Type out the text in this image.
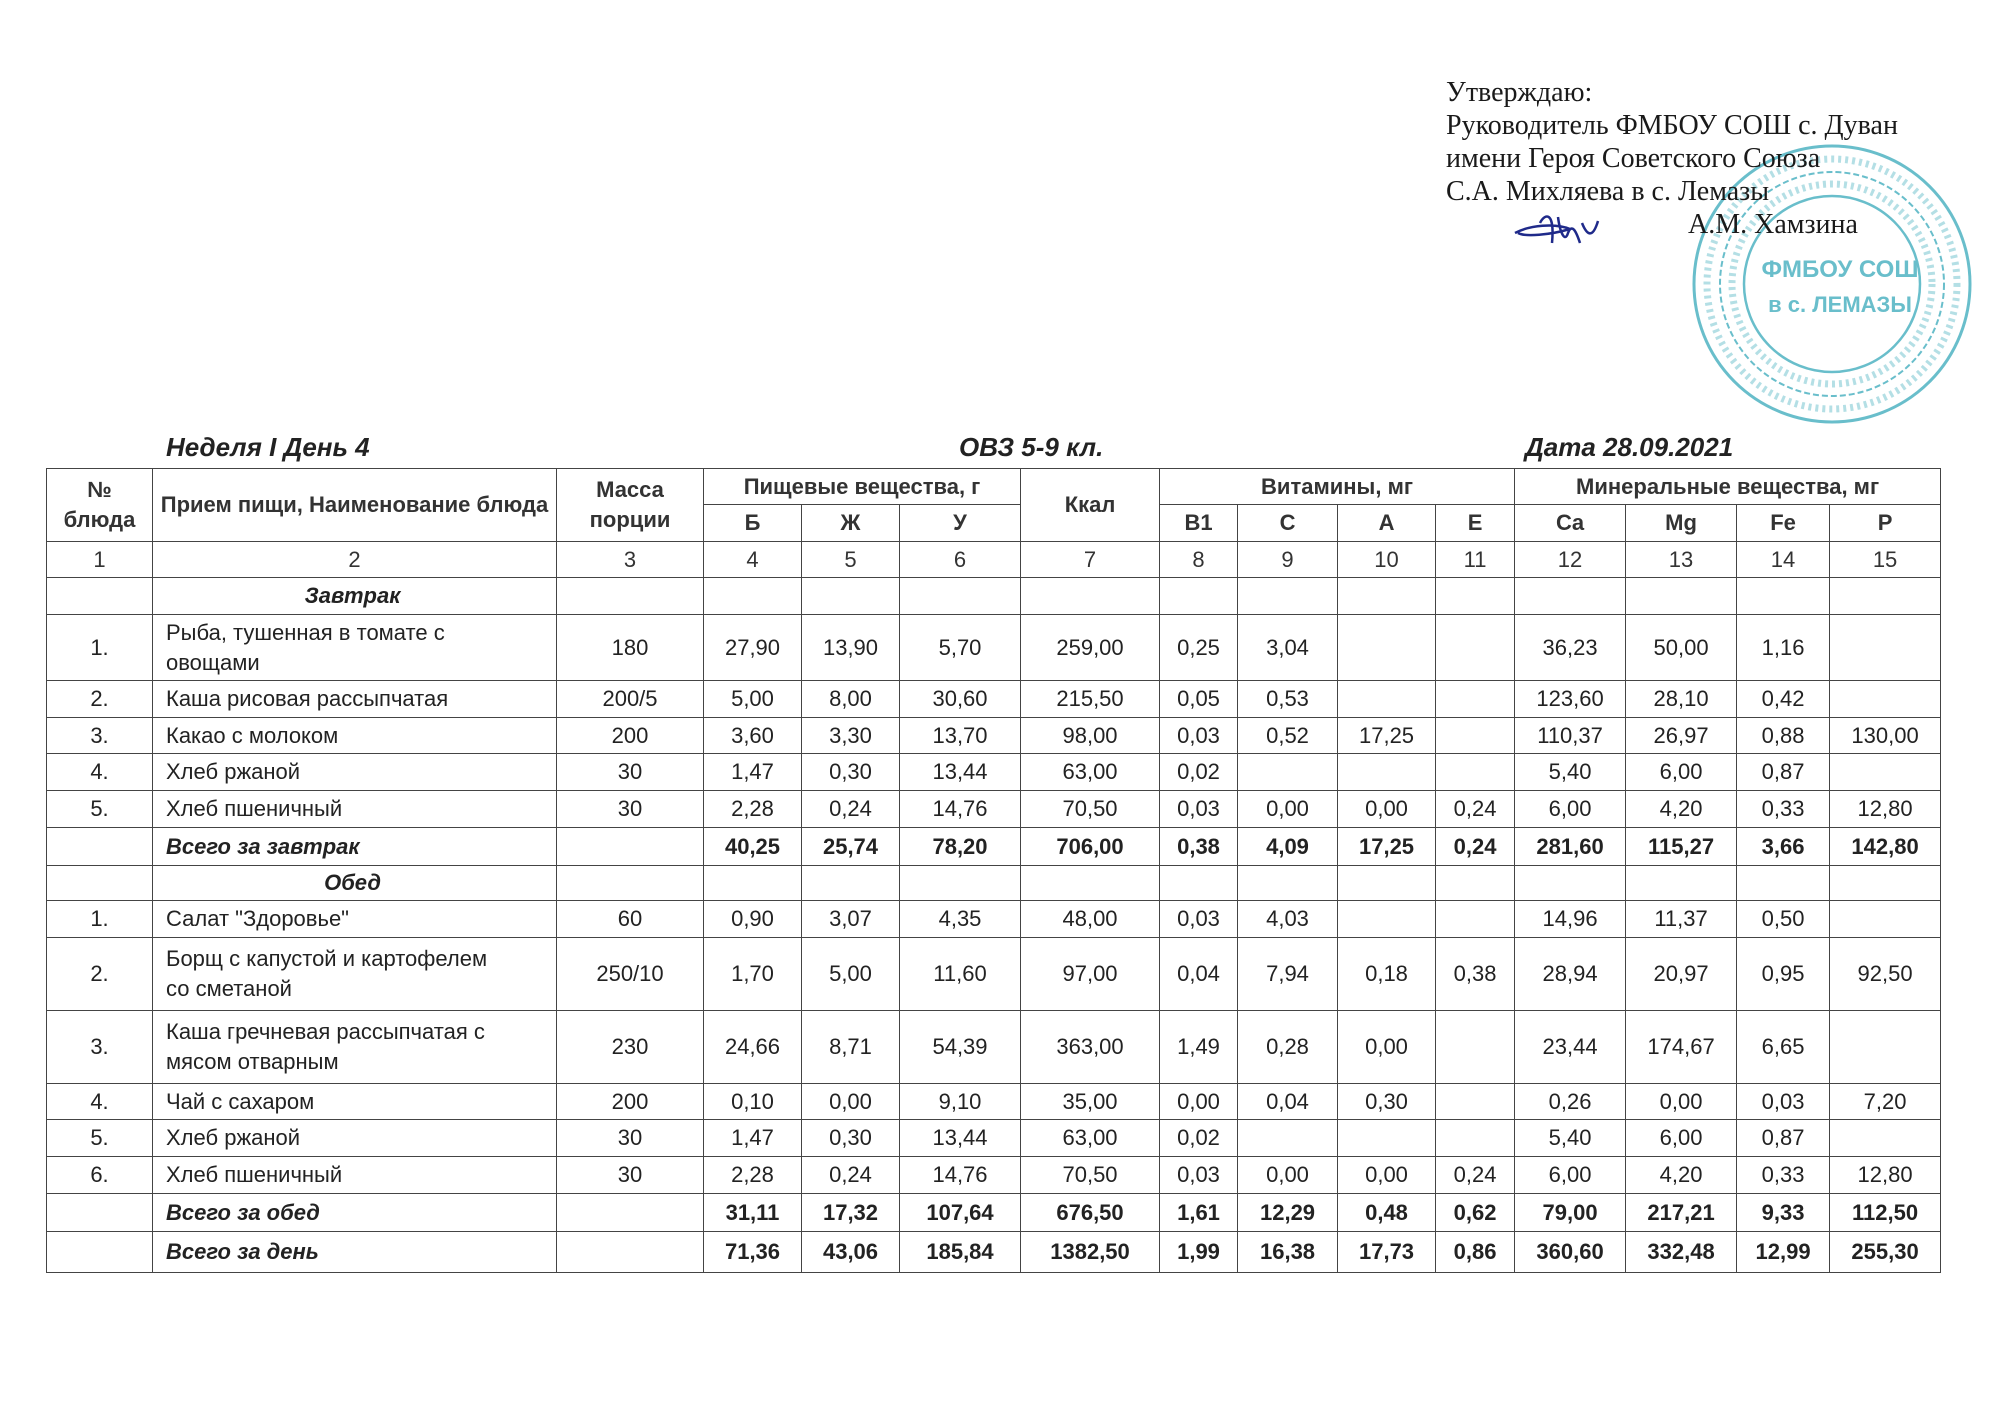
Утверждаю:
Руководитель ФМБОУ СОШ с. Дуван
имени Героя Советского Союза
С.А. Михляева в с. Лемазы
А.М. Хамзина
ФМБОУ СОШ
в с. ЛЕМАЗЫ
Неделя I День 4	ОВЗ 5-9 кл.	Дата 28.09.2021
№ блюда	Прием пищи, Наименование блюда	Масса порции	Пищевые вещества, г			Ккал	Витамины, мг				Минеральные вещества, мг			
			Б	Ж	У		B1	C	A	E	Ca	Mg	Fe	P
1	2	3	4	5	6	7	8	9	10	11	12	13	14	15
	Завтрак													
1.	Рыба, тушенная в томате с
овощами	180	27,90	13,90	5,70	259,00	0,25	3,04			36,23	50,00	1,16	
2.	Каша рисовая рассыпчатая	200/5	5,00	8,00	30,60	215,50	0,05	0,53			123,60	28,10	0,42	
3.	Какао с молоком	200	3,60	3,30	13,70	98,00	0,03	0,52	17,25		110,37	26,97	0,88	130,00
4.	Хлеб ржаной	30	1,47	0,30	13,44	63,00	0,02				5,40	6,00	0,87	
5.	Хлеб пшеничный	30	2,28	0,24	14,76	70,50	0,03	0,00	0,00	0,24	6,00	4,20	0,33	12,80
	Всего за завтрак		40,25	25,74	78,20	706,00	0,38	4,09	17,25	0,24	281,60	115,27	3,66	142,80
	Обед													
1.	Салат "Здоровье"	60	0,90	3,07	4,35	48,00	0,03	4,03			14,96	11,37	0,50	
2.	Борщ с капустой и картофелем
со сметаной	250/10	1,70	5,00	11,60	97,00	0,04	7,94	0,18	0,38	28,94	20,97	0,95	92,50
3.	Каша гречневая рассыпчатая с
мясом отварным	230	24,66	8,71	54,39	363,00	1,49	0,28	0,00		23,44	174,67	6,65	
4.	Чай с сахаром	200	0,10	0,00	9,10	35,00	0,00	0,04	0,30		0,26	0,00	0,03	7,20
5.	Хлеб ржаной	30	1,47	0,30	13,44	63,00	0,02				5,40	6,00	0,87	
6.	Хлеб пшеничный	30	2,28	0,24	14,76	70,50	0,03	0,00	0,00	0,24	6,00	4,20	0,33	12,80
	Всего за обед		31,11	17,32	107,64	676,50	1,61	12,29	0,48	0,62	79,00	217,21	9,33	112,50
	Всего за день		71,36	43,06	185,84	1382,50	1,99	16,38	17,73	0,86	360,60	332,48	12,99	255,30
